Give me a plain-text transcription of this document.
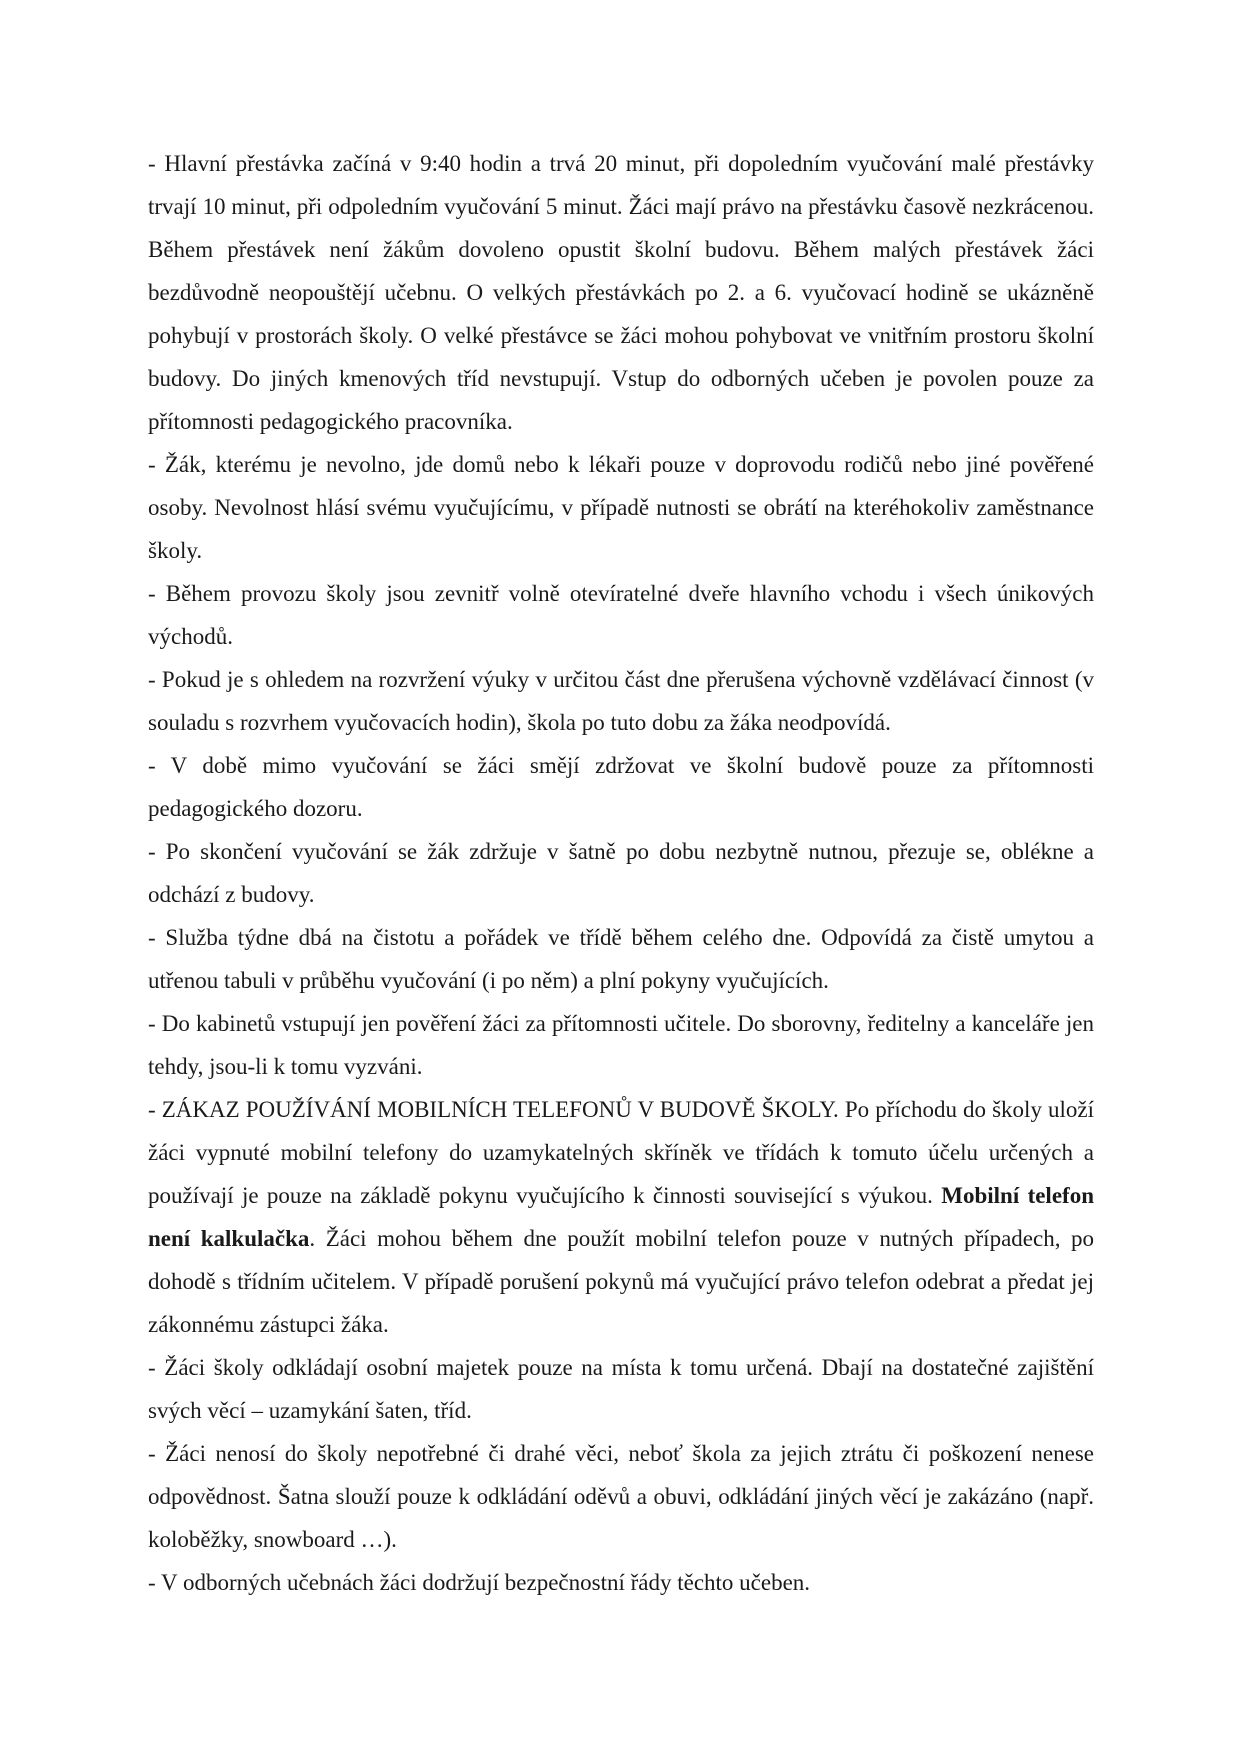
- Hlavní přestávka začíná v 9:40 hodin a trvá 20 minut, při dopoledním vyučování malé přestávky trvají 10 minut, při odpoledním vyučování 5 minut. Žáci mají právo na přestávku časově nezkrácenou. Během přestávek není žákům dovoleno opustit školní budovu. Během malých přestávek žáci bezdůvodně neopouštějí učebnu. O velkých přestávkách po 2. a 6. vyučovací hodině se ukázněně pohybují v prostorách školy. O velké přestávce se žáci mohou pohybovat ve vnitřním prostoru školní budovy. Do jiných kmenových tříd nevstupují. Vstup do odborných učeben je povolen pouze za přítomnosti pedagogického pracovníka.

- Žák, kterému je nevolno, jde domů nebo k lékaři pouze v doprovodu rodičů nebo jiné pověřené osoby. Nevolnost hlásí svému vyučujícímu, v případě nutnosti se obrátí na kteréhokoliv zaměstnance školy.

- Během provozu školy jsou zevnitř volně otevíratelné dveře hlavního vchodu i všech únikových východů.

- Pokud je s ohledem na rozvržení výuky v určitou část dne přerušena výchovně vzdělávací činnost (v souladu s rozvrhem vyučovacích hodin), škola po tuto dobu za žáka neodpovídá.

- V době mimo vyučování se žáci smějí zdržovat ve školní budově pouze za přítomnosti pedagogického dozoru.

- Po skončení vyučování se žák zdržuje v šatně po dobu nezbytně nutnou, přezuje se, oblékne a odchází z budovy.

- Služba týdne dbá na čistotu a pořádek ve třídě během celého dne. Odpovídá za čistě umytou a utřenou tabuli v průběhu vyučování (i po něm) a plní pokyny vyučujících.

- Do kabinetů vstupují jen pověření žáci za přítomnosti učitele. Do sborovny, ředitelny a kanceláře jen tehdy, jsou-li k tomu vyzváni.

- ZÁKAZ POUŽÍVÁNÍ MOBILNÍCH TELEFONŮ V BUDOVĚ ŠKOLY. Po příchodu do školy uloží žáci vypnuté mobilní telefony do uzamykatelných skříněk ve třídách k tomuto účelu určených a používají je pouze na základě pokynu vyučujícího k činnosti související s výukou. Mobilní telefon není kalkulačka. Žáci mohou během dne použít mobilní telefon pouze v nutných případech, po dohodě s třídním učitelem. V případě porušení pokynů má vyučující právo telefon odebrat a předat jej zákonnému zástupci žáka.

- Žáci školy odkládají osobní majetek pouze na místa k tomu určená. Dbají na dostatečné zajištění svých věcí – uzamykání šaten, tříd.

- Žáci nenosí do školy nepotřebné či drahé věci, neboť škola za jejich ztrátu či poškození nenese odpovědnost. Šatna slouží pouze k odkládání oděvů a obuvi, odkládání jiných věcí je zakázáno (např. koloběžky, snowboard …).

- V odborných učebnách žáci dodržují bezpečnostní řády těchto učeben.
